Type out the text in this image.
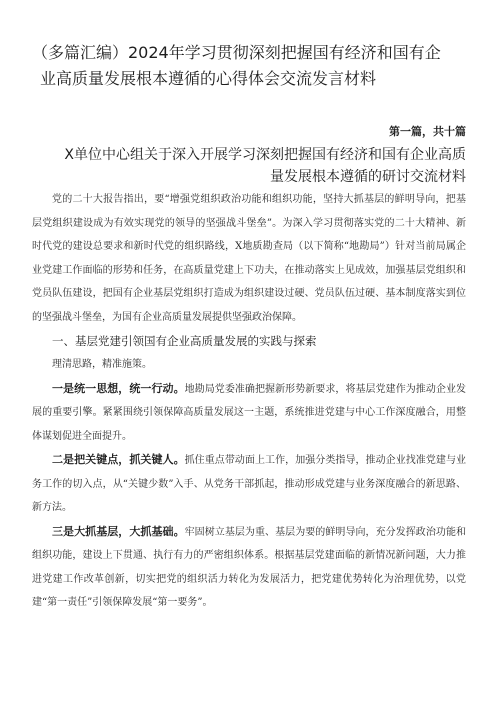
（多篇汇编）2024年学习贯彻深刻把握国有经济和国有企
业高质量发展根本遵循的心得体会交流发言材料
第一篇，共十篇
X单位中心组关于深入开展学习深刻把握国有经济和国有企业高质
量发展根本遵循的研讨交流材料

党的二十大报告指出，要“增强党组织政治功能和组织功能，坚持大抓基层的鲜明导向，把基层党组织建设成为有效实现党的领导的坚强战斗堡垒”。为深入学习贯彻落实党的二十大精神、新时代党的建设总要求和新时代党的组织路线，X地质勘查局（以下简称“地勘局”）针对当前局属企业党建工作面临的形势和任务，在高质量党建上下功夫，在推动落实上见成效，加强基层党组织和党员队伍建设，把国有企业基层党组织打造成为组织建设过硬、党员队伍过硬、基本制度落实到位的坚强战斗堡垒，为国有企业高质量发展提供坚强政治保障。

一、基层党建引领国有企业高质量发展的实践与探索

理清思路，精准施策。

一是统一思想，统一行动。地勘局党委准确把握新形势新要求，将基层党建作为推动企业发展的重要引擎。紧紧围绕引领保障高质量发展这一主题，系统推进党建与中心工作深度融合，用整体谋划促进全面提升。

二是把关键点，抓关键人。抓住重点带动面上工作，加强分类指导，推动企业找准党建与业务工作的切入点，从“关键少数”入手、从党务干部抓起，推动形成党建与业务深度融合的新思路、新方法。

三是大抓基层，大抓基础。牢固树立基层为重、基层为要的鲜明导向，充分发挥政治功能和组织功能，建设上下贯通、执行有力的严密组织体系。根据基层党建面临的新情况新问题，大力推进党建工作改革创新，切实把党的组织活力转化为发展活力，把党建优势转化为治理优势，以党建“第一责任”引领保障发展“第一要务”。
